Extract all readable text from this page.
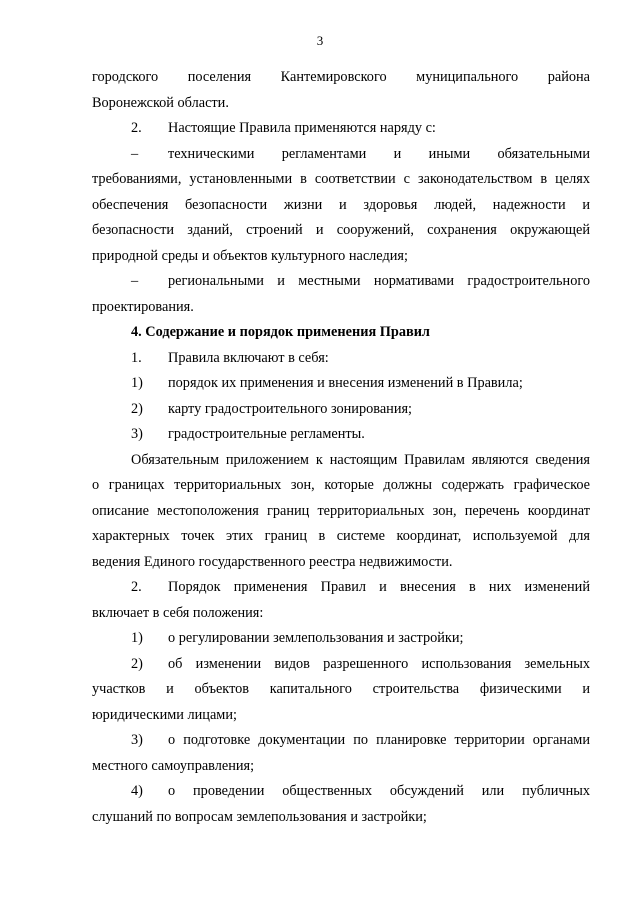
3
городского поселения Кантемировского муниципального района
Воронежской области.
2. Настоящие Правила применяются наряду с:
– техническими регламентами и иными обязательными
требованиями, установленными в соответствии с законодательством в целях
обеспечения безопасности жизни и здоровья людей, надежности и
безопасности зданий, строений и сооружений, сохранения окружающей
природной среды и объектов культурного наследия;
– региональными и местными нормативами градостроительного
проектирования.
4. Содержание и порядок применения Правил
1. Правила включают в себя:
1) порядок их применения и внесения изменений в Правила;
2) карту градостроительного зонирования;
3) градостроительные регламенты.
Обязательным приложением к настоящим Правилам являются сведения
о границах территориальных зон, которые должны содержать графическое
описание местоположения границ территориальных зон, перечень координат
характерных точек этих границ в системе координат, используемой для
ведения Единого государственного реестра недвижимости.
2. Порядок применения Правил и внесения в них изменений
включает в себя положения:
1) о регулировании землепользования и застройки;
2) об изменении видов разрешенного использования земельных
участков и объектов капитального строительства физическими и
юридическими лицами;
3) о подготовке документации по планировке территории органами
местного самоуправления;
4) о проведении общественных обсуждений или публичных
слушаний по вопросам землепользования и застройки;
